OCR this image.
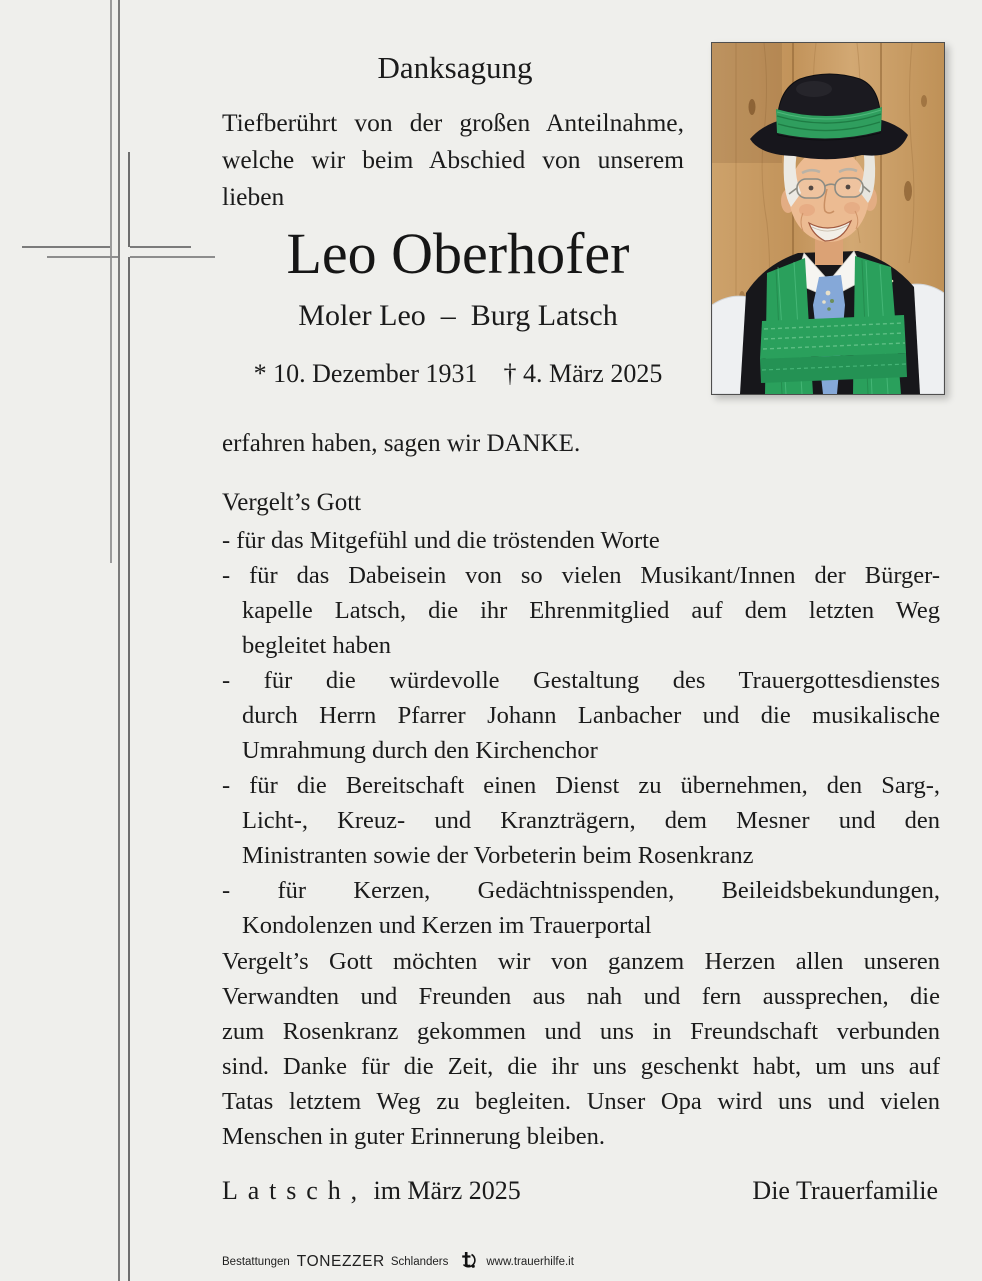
Danksagung
Tiefberührt von der großen Anteilnahme,
welche wir beim Abschied von unserem
lieben
Leo Oberhofer
Moler Leo – Burg Latsch
* 10. Dezember 1931 † 4. März 2025
erfahren haben, sagen wir DANKE.
Vergelt’s Gott
- für das Mitgefühl und die tröstenden Worte
- für das Dabeisein von so vielen Musikant/Innen der Bürger-
kapelle Latsch, die ihr Ehrenmitglied auf dem letzten Weg
begleitet haben
- für die würdevolle Gestaltung des Trauergottesdienstes
durch Herrn Pfarrer Johann Lanbacher und die musikalische
Umrahmung durch den Kirchenchor
- für die Bereitschaft einen Dienst zu übernehmen, den Sarg-,
Licht-, Kreuz- und Kranzträgern, dem Mesner und den
Ministranten sowie der Vorbeterin beim Rosenkranz
- für Kerzen, Gedächtnisspenden, Beileidsbekundungen,
Kondolenzen und Kerzen im Trauerportal
Vergelt’s Gott möchten wir von ganzem Herzen allen unseren
Verwandten und Freunden aus nah und fern aussprechen, die
zum Rosenkranz gekommen und uns in Freundschaft verbunden
sind. Danke für die Zeit, die ihr uns geschenkt habt, um uns auf
Tatas letztem Weg zu begleiten. Unser Opa wird uns und vielen
Menschen in guter Erinnerung bleiben.
Latsch, im März 2025	Die Trauerfamilie
Bestattungen TONEZZER Schlanders	www.trauerhilfe.it
